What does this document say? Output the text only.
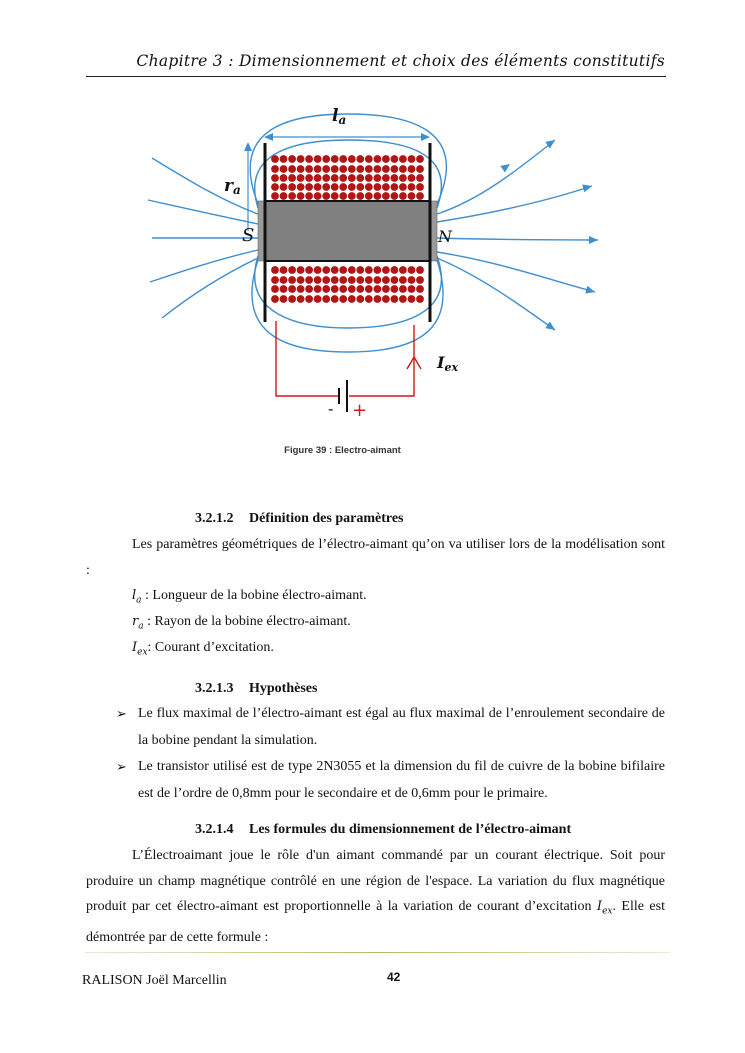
Chapitre 3 : Dimensionnement et choix des éléments constitutifs
la
ra
Iex
S	N
- +
Figure 39 : Electro-aimant
3.2.1.2 Définition des paramètres
Les paramètres géométriques de l’électro-aimant qu’on va utiliser lors de la modélisation sont :
$l_a$ : Longueur de la bobine électro-aimant.
$r_a$ : Rayon de la bobine électro-aimant.
$I_{ex}$: Courant d’excitation.
3.2.1.3 Hypothèses
➢ Le flux maximal de l’électro-aimant est égal au flux maximal de l’enroulement secondaire de la bobine pendant la simulation.
➢ Le transistor utilisé est de type 2N3055 et la dimension du fil de cuivre de la bobine bifilaire est de l’ordre de 0,8mm pour le secondaire et de 0,6mm pour le primaire.
3.2.1.4 Les formules du dimensionnement de l’électro-aimant
L’Électroaimant joue le rôle d'un aimant commandé par un courant électrique. Soit pour produire un champ magnétique contrôlé en une région de l'espace. La variation du flux magnétique produit par cet électro-aimant est proportionnelle à la variation de courant d’excitation $I_{ex}$. Elle est démontrée par de cette formule :
RALISON Joël Marcellin	42
